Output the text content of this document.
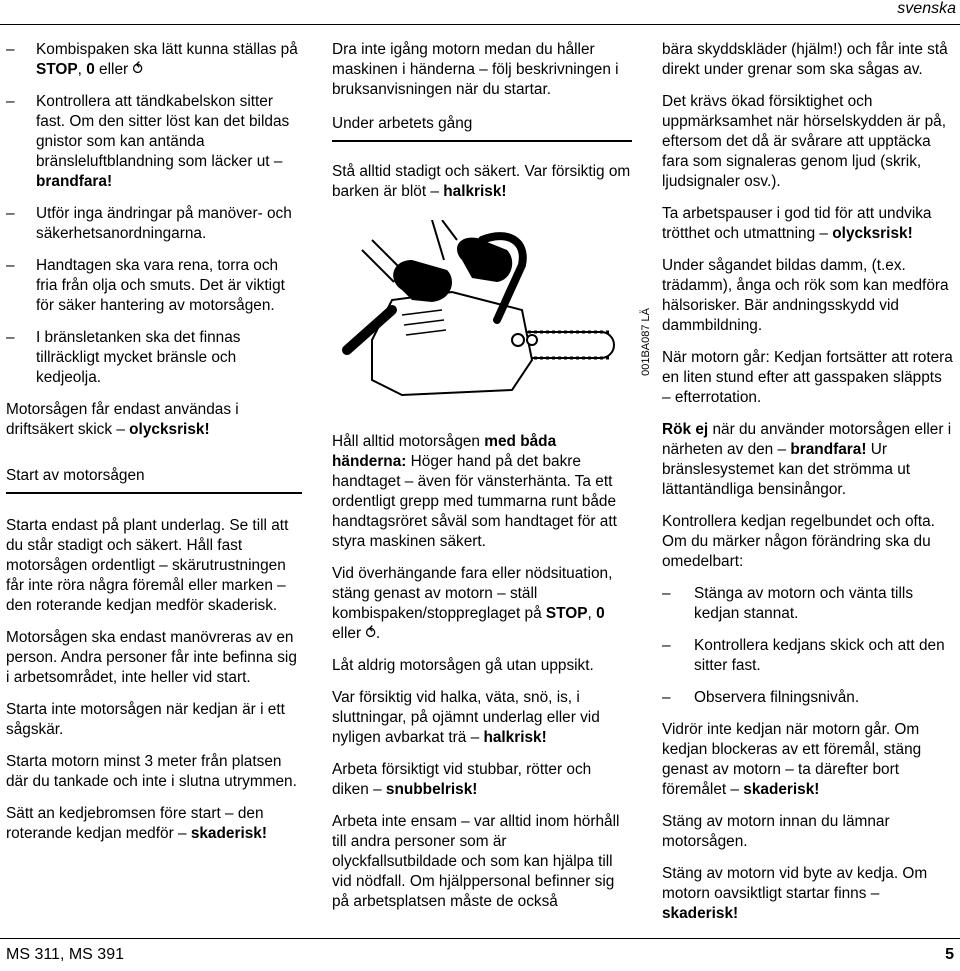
svenska
– Kombispaken ska lätt kunna ställas på STOP, 0 eller ⥀
– Kontrollera att tändkabelskon sitter fast. Om den sitter löst kan det bildas gnistor som kan antända bränsleluftblandning som läcker ut – brandfara!
– Utför inga ändringar på manöver- och säkerhetsanordningarna.
– Handtagen ska vara rena, torra och fria från olja och smuts. Det är viktigt för säker hantering av motorsågen.
– I bränsletanken ska det finnas tillräckligt mycket bränsle och kedjeolja.

Motorsågen får endast användas i driftsäkert skick – olycksrisk!

Start av motorsågen

Starta endast på plant underlag. Se till att du står stadigt och säkert. Håll fast motorsågen ordentligt – skärutrustningen får inte röra några föremål eller marken – den roterande kedjan medför skaderisk.

Motorsågen ska endast manövreras av en person. Andra personer får inte befinna sig i arbetsområdet, inte heller vid start.

Starta inte motorsågen när kedjan är i ett sågskär.

Starta motorn minst 3 meter från platsen där du tankade och inte i slutna utrymmen.

Sätt an kedjebromsen före start – den roterande kedjan medför – skaderisk!

Dra inte igång motorn medan du håller maskinen i händerna – följ beskrivningen i bruksanvisningen när du startar.

Under arbetets gång

Stå alltid stadigt och säkert. Var försiktig om barken är blöt – halkrisk!

001BA087 LÄ

Håll alltid motorsågen med båda händerna: Höger hand på det bakre handtaget – även för vänsterhänta. Ta ett ordentligt grepp med tummarna runt både handtagsröret såväl som handtaget för att styra maskinen säkert.

Vid överhängande fara eller nödsituation, stäng genast av motorn – ställ kombispaken/stoppreglaget på STOP, 0 eller ⥀.

Låt aldrig motorsågen gå utan uppsikt.

Var försiktig vid halka, väta, snö, is, i sluttningar, på ojämnt underlag eller vid nyligen avbarkat trä – halkrisk!

Arbeta försiktigt vid stubbar, rötter och diken – snubbelrisk!

Arbeta inte ensam – var alltid inom hörhåll till andra personer som är olyckfallsutbildade och som kan hjälpa till vid nödfall. Om hjälppersonal befinner sig på arbetsplatsen måste de också

bära skyddskläder (hjälm!) och får inte stå direkt under grenar som ska sågas av.

Det krävs ökad försiktighet och uppmärksamhet när hörselskydden är på, eftersom det då är svårare att upptäcka fara som signaleras genom ljud (skrik, ljudsignaler osv.).

Ta arbetspauser i god tid för att undvika trötthet och utmattning – olycksrisk!

Under sågandet bildas damm, (t.ex. trädamm), ånga och rök som kan medföra hälsorisker. Bär andningsskydd vid dammbildning.

När motorn går: Kedjan fortsätter att rotera en liten stund efter att gasspaken släppts – efterrotation.

Rök ej när du använder motorsågen eller i närheten av den – brandfara! Ur bränslesystemet kan det strömma ut lättantändliga bensinångor.

Kontrollera kedjan regelbundet och ofta. Om du märker någon förändring ska du omedelbart:

– Stänga av motorn och vänta tills kedjan stannat.
– Kontrollera kedjans skick och att den sitter fast.
– Observera filningsnivån.

Vidrör inte kedjan när motorn går. Om kedjan blockeras av ett föremål, stäng genast av motorn – ta därefter bort föremålet – skaderisk!

Stäng av motorn innan du lämnar motorsågen.

Stäng av motorn vid byte av kedja. Om motorn oavsiktligt startar finns – skaderisk!

MS 311, MS 391	5
